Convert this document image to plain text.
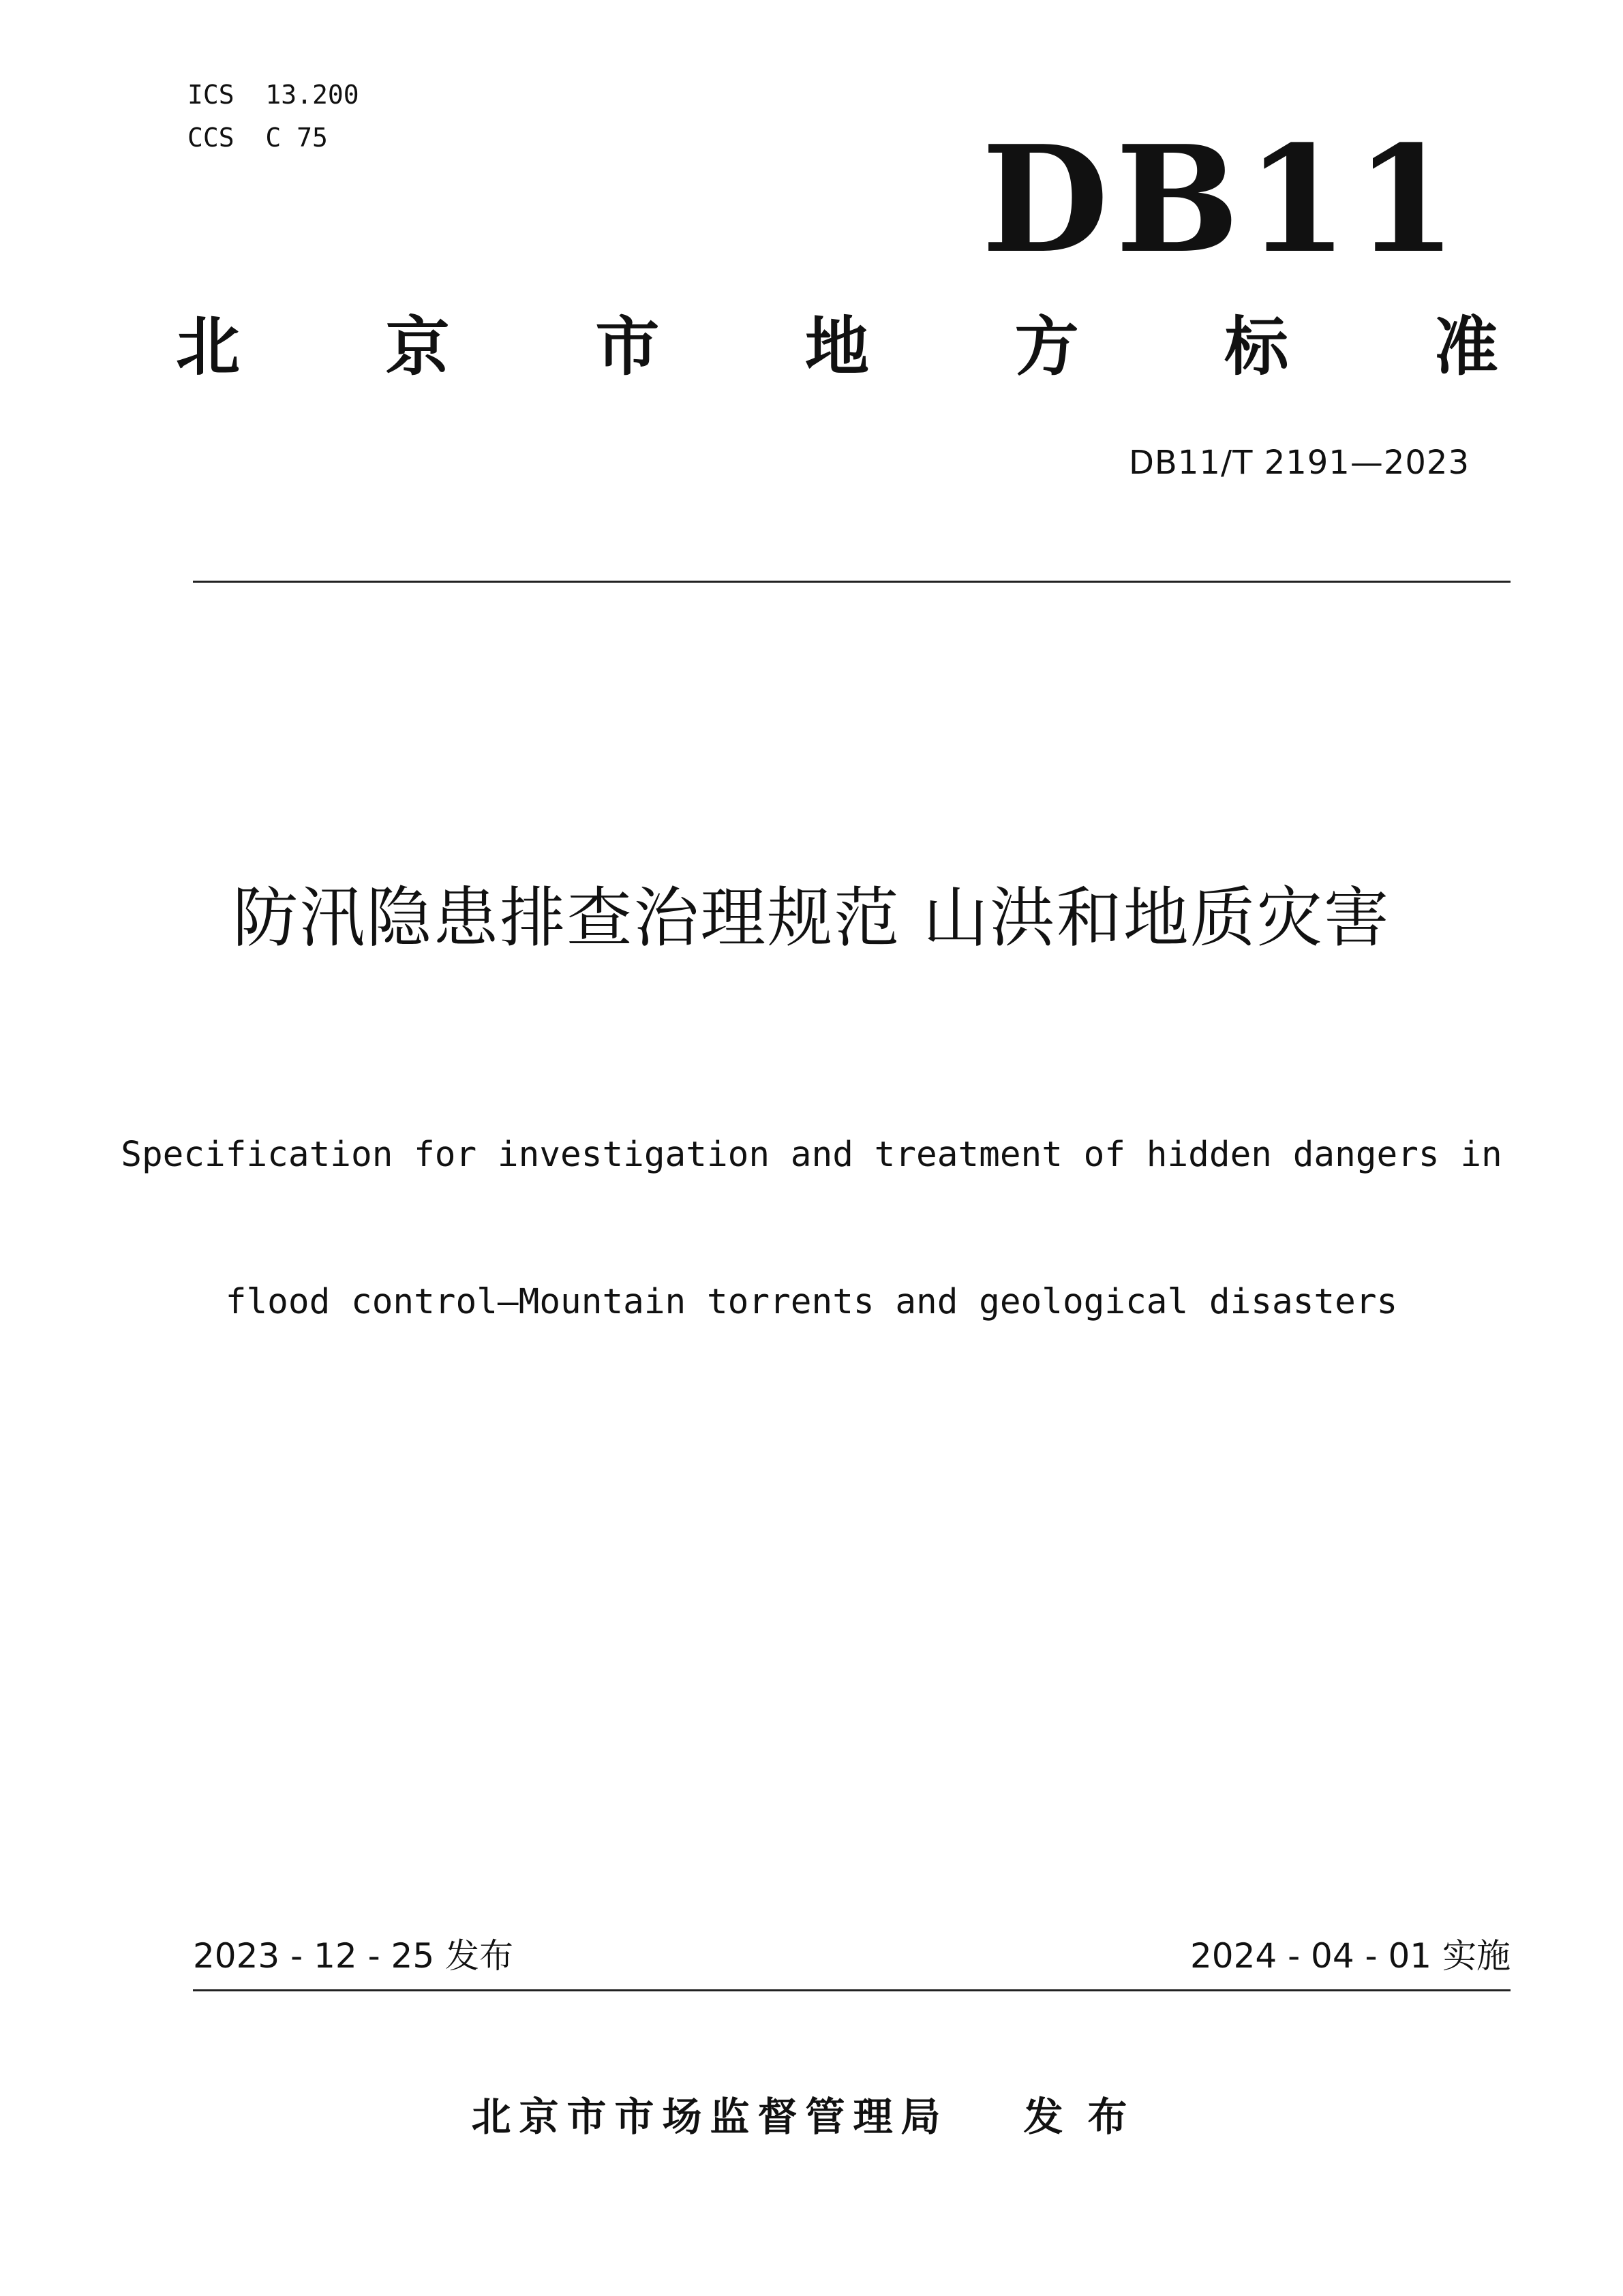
ICS  13.200
CCS  C 75	DB11
北 京 市 地 方 标 准
DB11/T 2191—2023
防汛隐患排查治理规范 山洪和地质灾害

Specification for investigation and treatment of hidden dangers in

flood control—Mountain torrents and geological disasters

2023 - 12 - 25 发布	2024 - 04 - 01 实施
北京市市场监督管理局 发布
